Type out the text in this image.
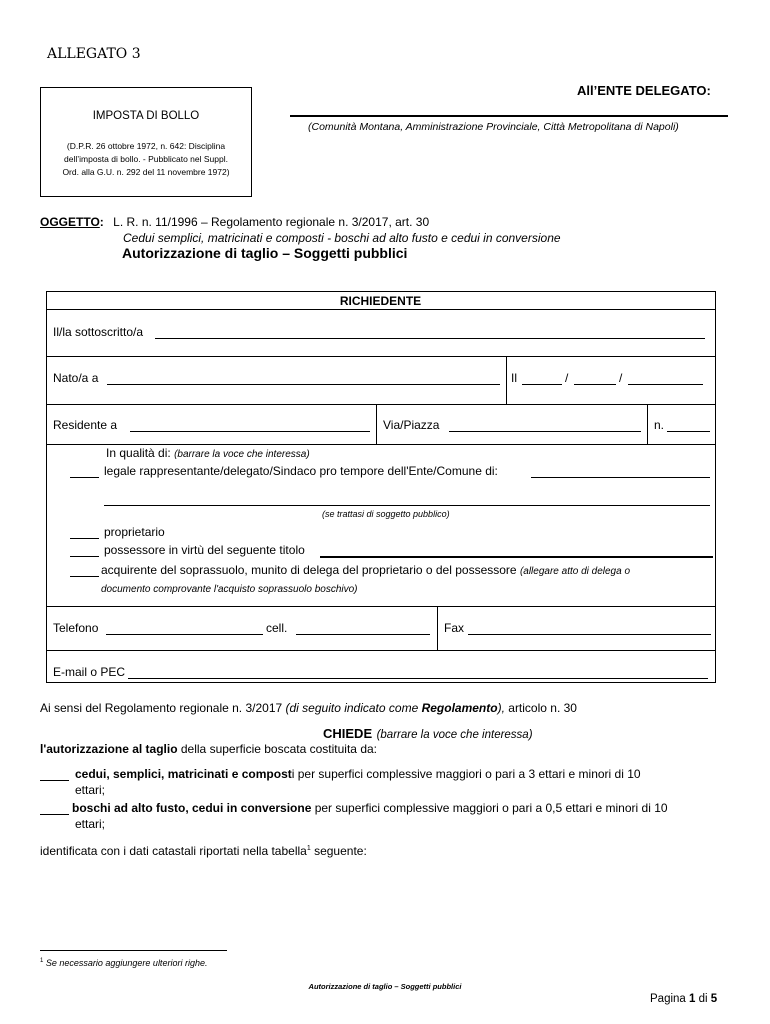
ALLEGATO 3
IMPOSTA DI BOLLO
(D.P.R. 26 ottobre 1972, n. 642: Disciplina
dell’imposta di bollo. - Pubblicato nel Suppl.
Ord. alla G.U. n. 292 del 11 novembre 1972)
All’ENTE DELEGATO:
(Comunità Montana, Amministrazione Provinciale, Città Metropolitana di Napoli)
OGGETTO: L. R. n. 11/1996 – Regolamento regionale n. 3/2017, art. 30
Cedui semplici, matricinati e composti - boschi ad alto fusto e cedui in conversione
Autorizzazione di taglio – Soggetti pubblici
RICHIEDENTE
Il/la sottoscritto/a
Nato/a a	Il	/	/
Residente a	Via/Piazza	n.
In qualità di: (barrare la voce che interessa)
legale rappresentante/delegato/Sindaco pro tempore dell'Ente/Comune di:
(se trattasi di soggetto pubblico)
proprietario
possessore in virtù del seguente titolo
acquirente del soprassuolo, munito di delega del proprietario o del possessore (allegare atto di delega o
documento comprovante l'acquisto soprassuolo boschivo)
Telefono	cell.	Fax
E-mail o PEC
Ai sensi del Regolamento regionale n. 3/2017 (di seguito indicato come Regolamento), articolo n. 30
CHIEDE (barrare la voce che interessa)
l'autorizzazione al taglio della superficie boscata costituita da:
cedui, semplici, matricinati e composti per superfici complessive maggiori o pari a 3 ettari e minori di 10
ettari;
boschi ad alto fusto, cedui in conversione per superfici complessive maggiori o pari a 0,5 ettari e minori di 10
ettari;
identificata con i dati catastali riportati nella tabella$^1$ seguente:
$^1$ Se necessario aggiungere ulteriori righe.
Autorizzazione di taglio – Soggetti pubblici
Pagina 1 di 5
